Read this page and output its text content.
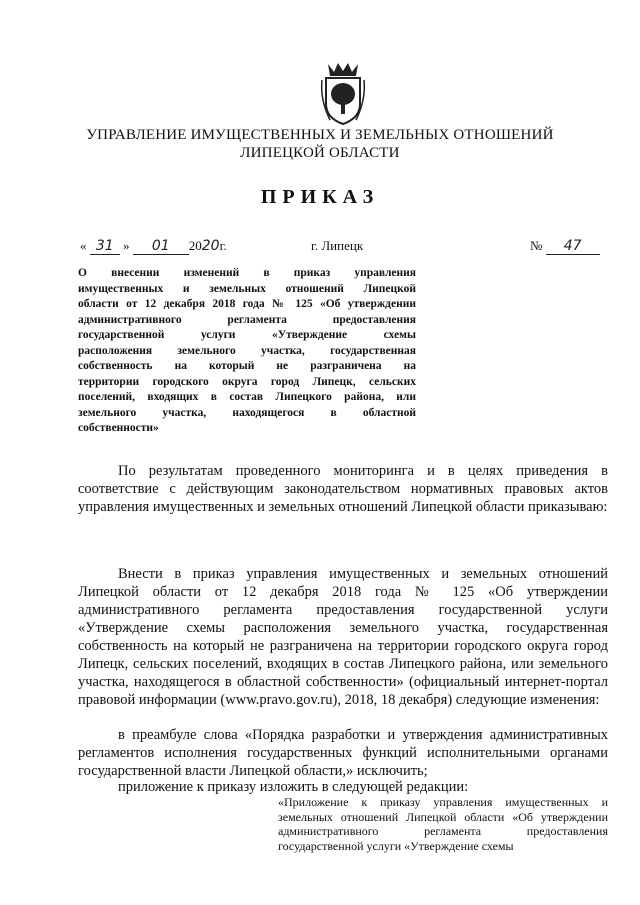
УПРАВЛЕНИЕ ИМУЩЕСТВЕННЫХ И ЗЕМЕЛЬНЫХ ОТНОШЕНИЙ
ЛИПЕЦКОЙ ОБЛАСТИ
ПРИКАЗ
« 31 » 01 2020г.	г. Липецк	№ 47
О внесении изменений в приказ управления
имущественных и земельных отношений Липецкой
области от 12 декабря 2018 года № 125 «Об утверждении
административного регламента предоставления
государственной услуги «Утверждение схемы
расположения земельного участка, государственная
собственность на который не разграничена на
территории городского округа город Липецк, сельских
поселений, входящих в состав Липецкого района, или
земельного участка, находящегося в областной
собственности»
По результатам проведенного мониторинга и в целях приведения в соответствие с действующим законодательством нормативных правовых актов управления имущественных и земельных отношений Липецкой области приказываю:
Внести в приказ управления имущественных и земельных отношений Липецкой области от 12 декабря 2018 года № 125 «Об утверждении административного регламента предоставления государственной услуги «Утверждение схемы расположения земельного участка, государственная собственность на который не разграничена на территории городского округа город Липецк, сельских поселений, входящих в состав Липецкого района, или земельного участка, находящегося в областной собственности» (официальный интернет-портал правовой информации (www.pravo.gov.ru), 2018, 18 декабря) следующие изменения:
в преамбуле слова «Порядка разработки и утверждения административных регламентов исполнения государственных функций исполнительными органами государственной власти Липецкой области,» исключить;
приложение к приказу изложить в следующей редакции:
«Приложение к приказу управления имущественных и земельных отношений Липецкой области «Об утверждении административного регламента предоставления государственной услуги «Утверждение схемы
